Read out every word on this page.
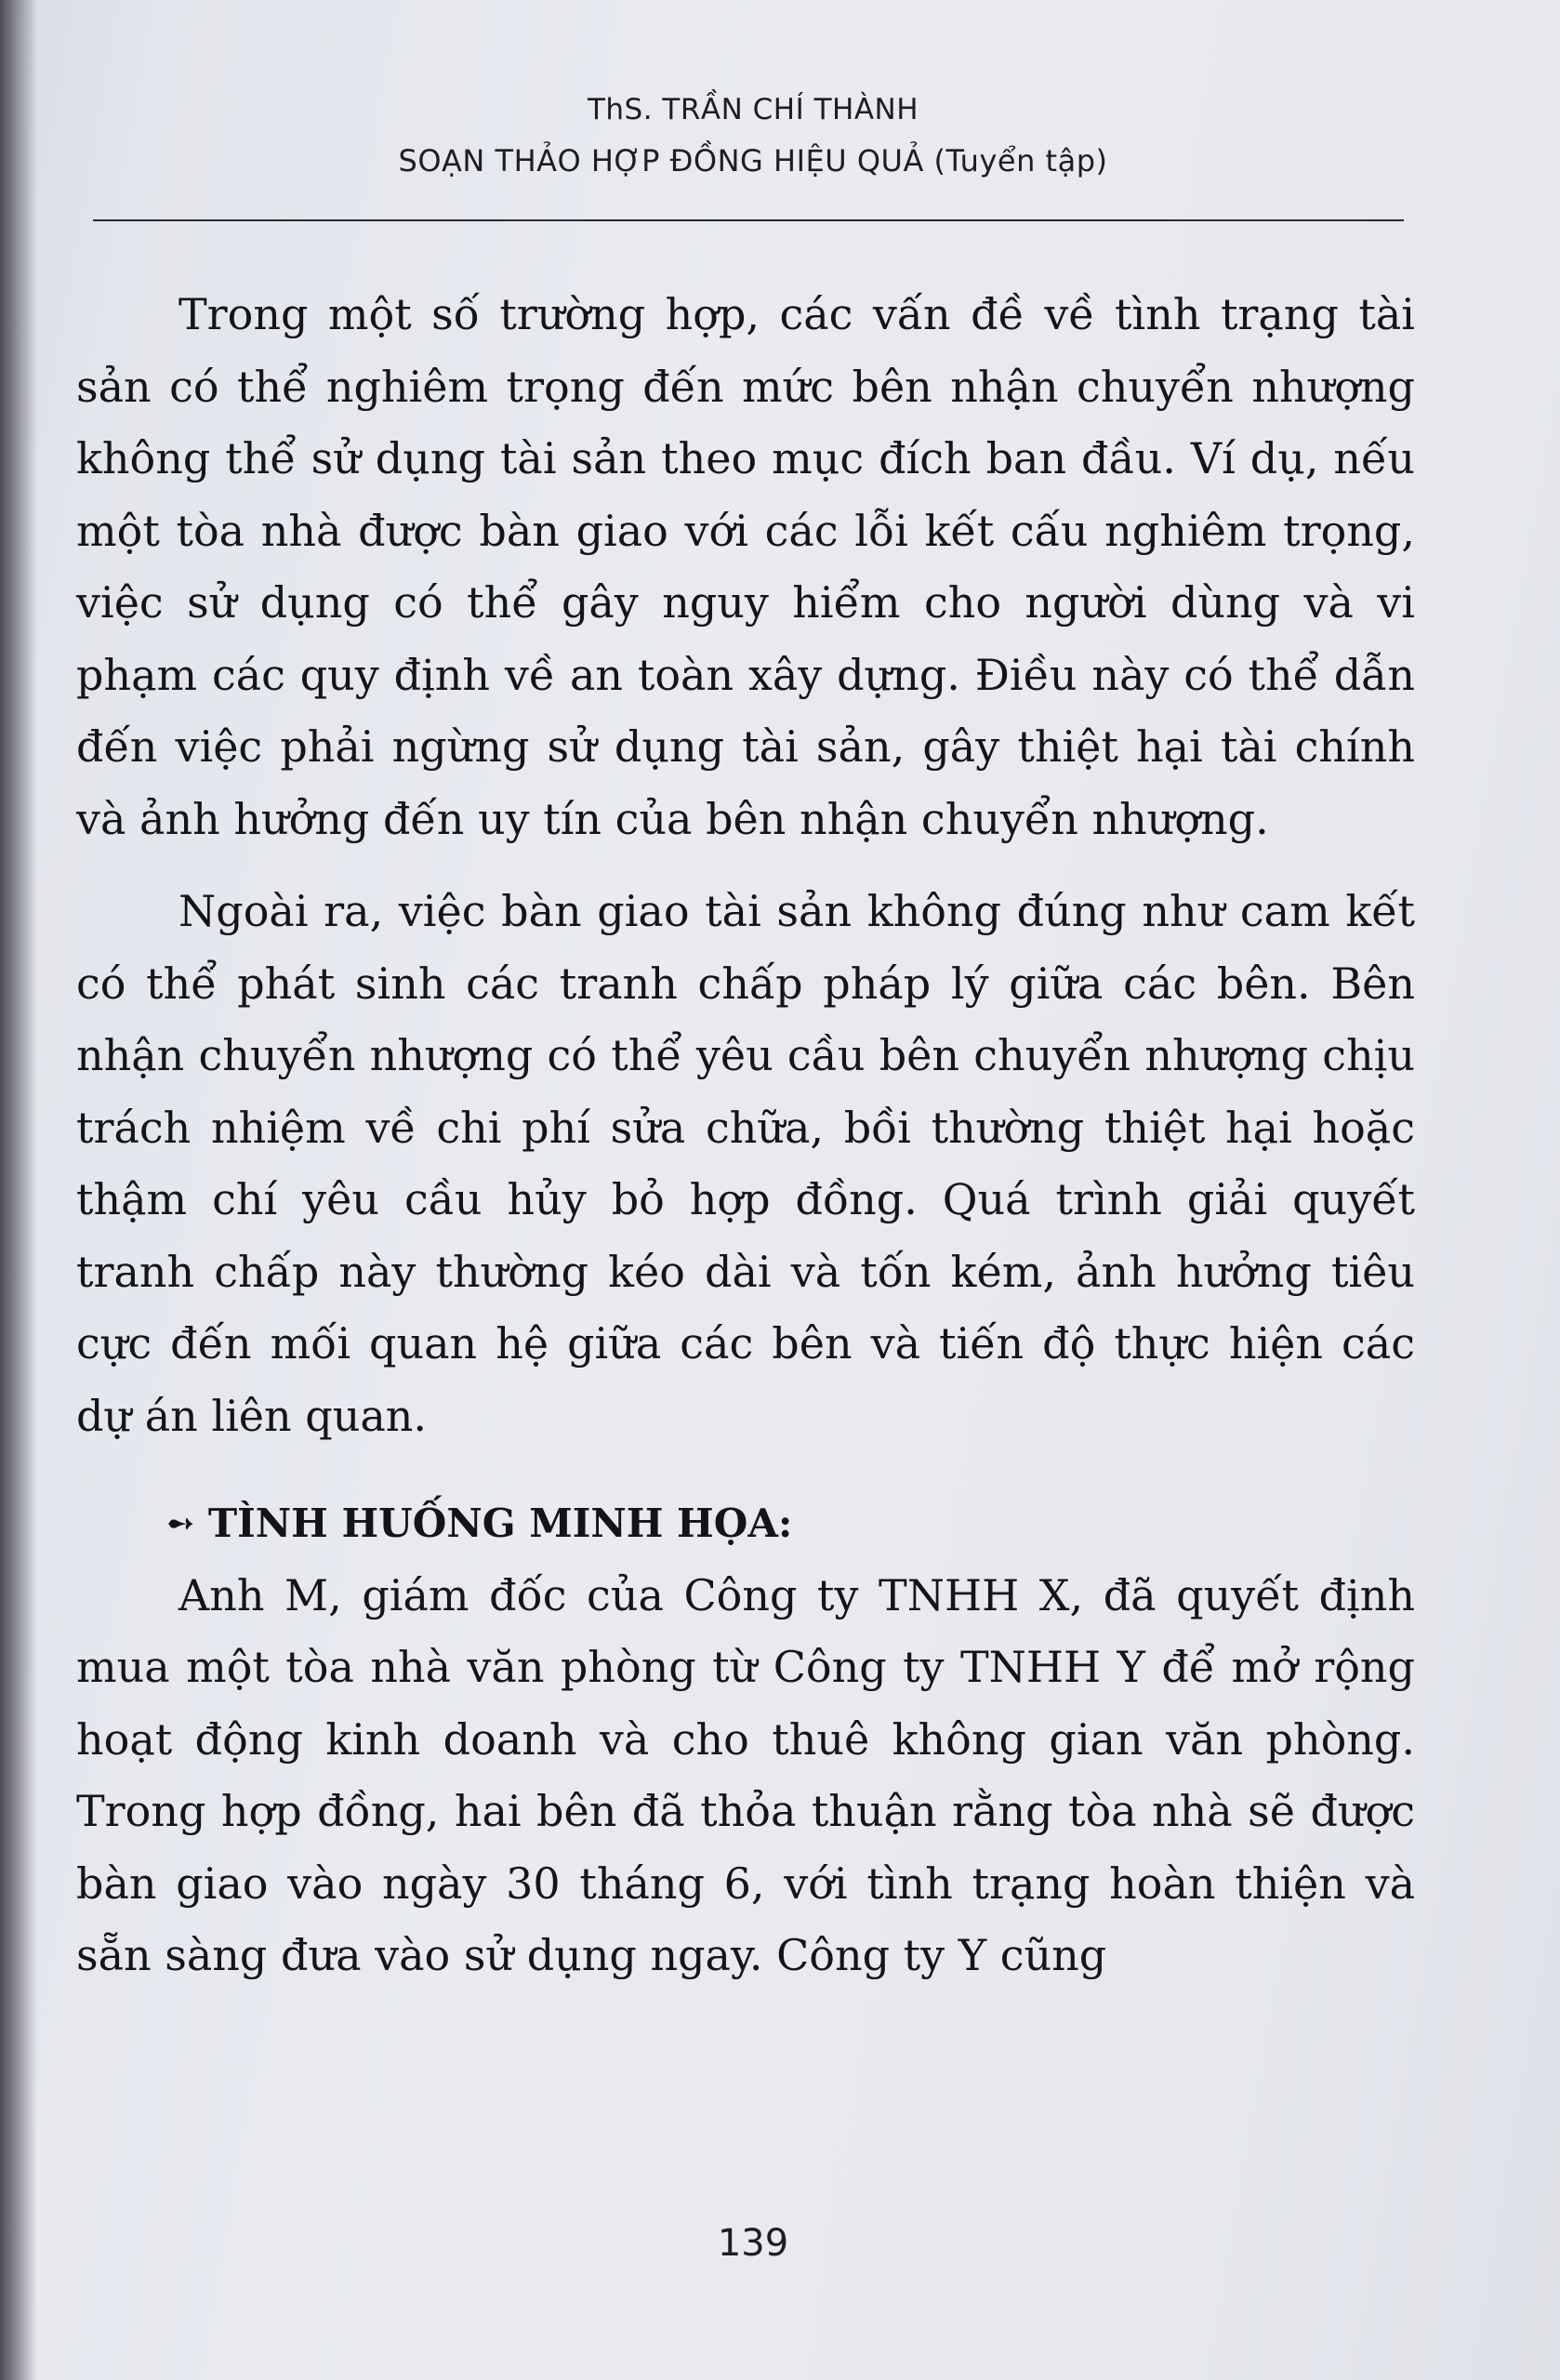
ThS. TRẦN CHÍ THÀNH
SOẠN THẢO HỢP ĐỒNG HIỆU QUẢ (Tuyển tập)

Trong một số trường hợp, các vấn đề về tình trạng tài sản có thể nghiêm trọng đến mức bên nhận chuyển nhượng không thể sử dụng tài sản theo mục đích ban đầu. Ví dụ, nếu một tòa nhà được bàn giao với các lỗi kết cấu nghiêm trọng, việc sử dụng có thể gây nguy hiểm cho người dùng và vi phạm các quy định về an toàn xây dựng. Điều này có thể dẫn đến việc phải ngừng sử dụng tài sản, gây thiệt hại tài chính và ảnh hưởng đến uy tín của bên nhận chuyển nhượng.

Ngoài ra, việc bàn giao tài sản không đúng như cam kết có thể phát sinh các tranh chấp pháp lý giữa các bên. Bên nhận chuyển nhượng có thể yêu cầu bên chuyển nhượng chịu trách nhiệm về chi phí sửa chữa, bồi thường thiệt hại hoặc thậm chí yêu cầu hủy bỏ hợp đồng. Quá trình giải quyết tranh chấp này thường kéo dài và tốn kém, ảnh hưởng tiêu cực đến mối quan hệ giữa các bên và tiến độ thực hiện các dự án liên quan.

➻ TÌNH HUỐNG MINH HỌA:

Anh M, giám đốc của Công ty TNHH X, đã quyết định mua một tòa nhà văn phòng từ Công ty TNHH Y để mở rộng hoạt động kinh doanh và cho thuê không gian văn phòng. Trong hợp đồng, hai bên đã thỏa thuận rằng tòa nhà sẽ được bàn giao vào ngày 30 tháng 6, với tình trạng hoàn thiện và sẵn sàng đưa vào sử dụng ngay. Công ty Y cũng

139
